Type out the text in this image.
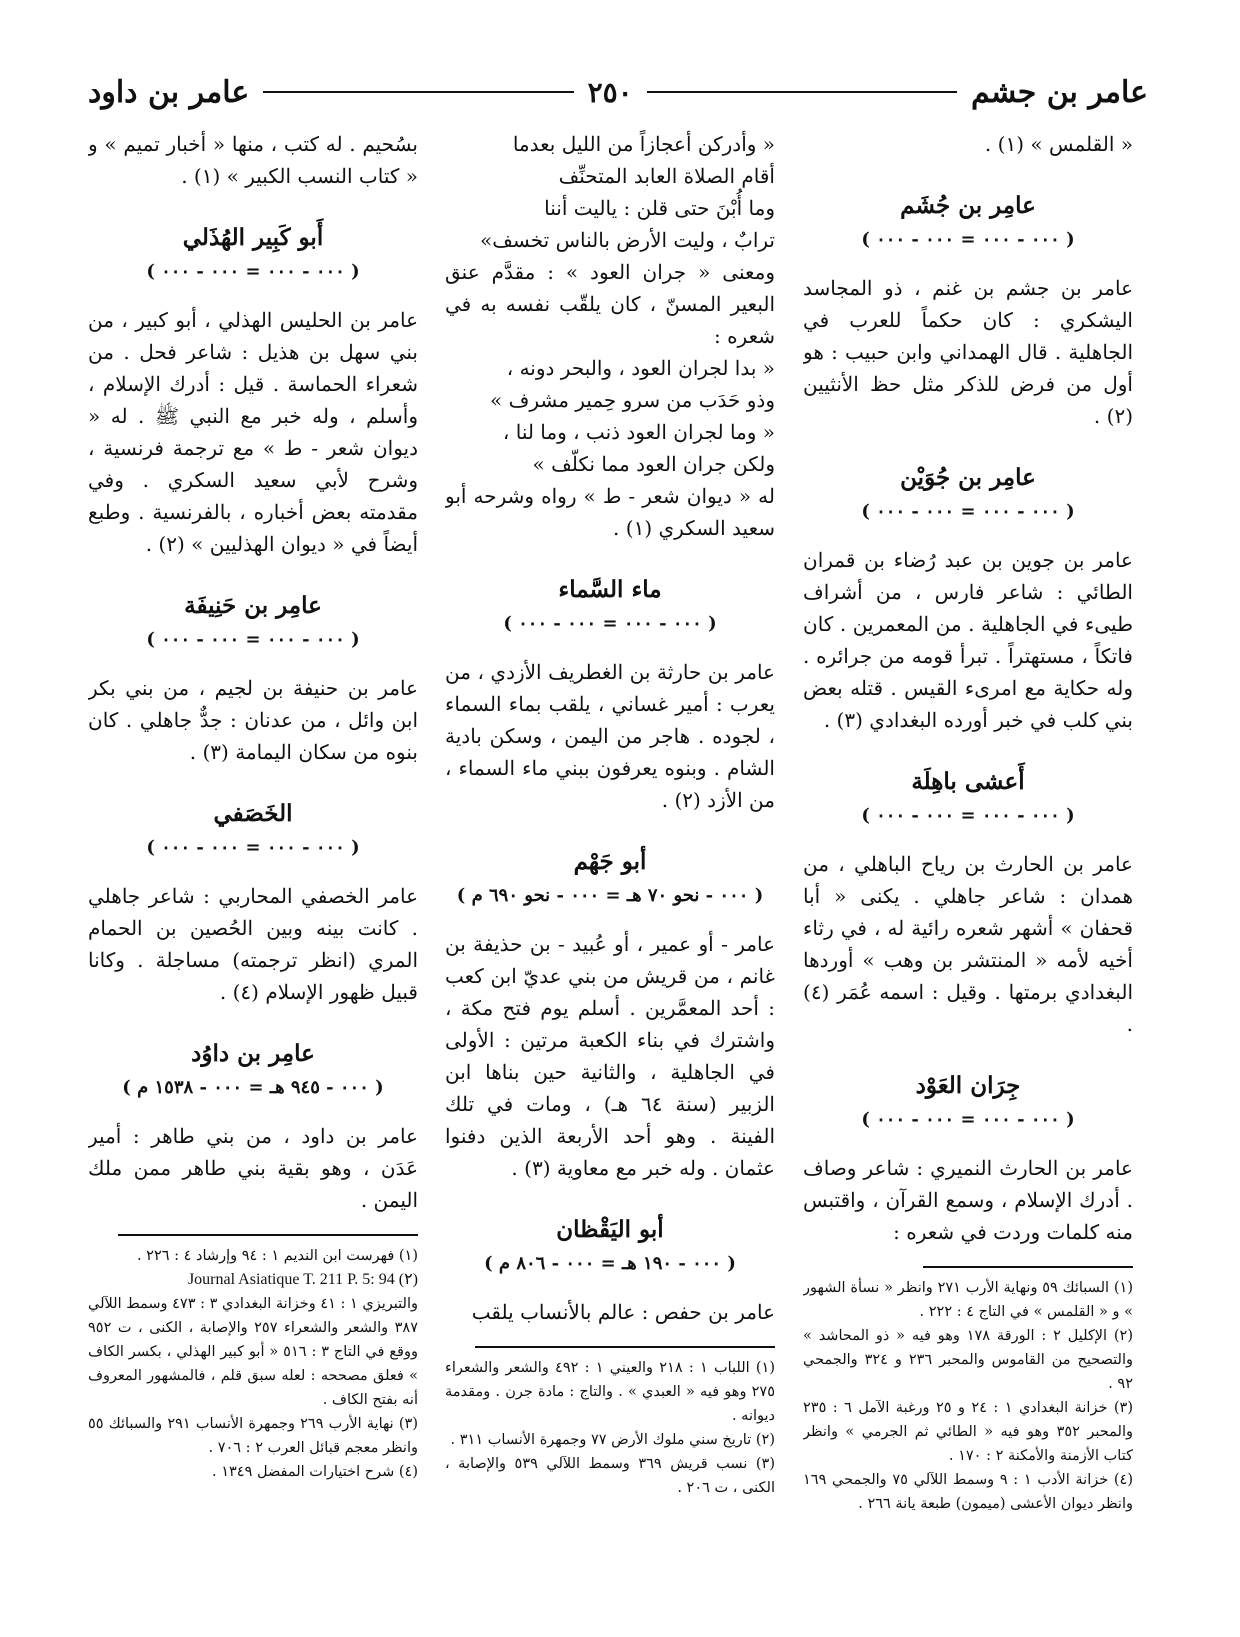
عامر بن جشم
٢٥٠
عامر بن داود

« القلمس » (١) .

عامِر بن جُشَم

( ٠٠٠ - ٠٠٠ = ٠٠٠ - ٠٠٠ )

عامر بن جشم بن غنم ، ذو المجاسد اليشكري : كان حكماً للعرب في الجاهلية . قال الهمداني وابن حبيب : هو أول من فرض للذكر مثل حظ الأنثيين (٢) .

عامِر بن جُوَيْن

( ٠٠٠ - ٠٠٠ = ٠٠٠ - ٠٠٠ )

عامر بن جوين بن عبد رُضاء بن قمران الطائي : شاعر فارس ، من أشراف طيىء في الجاهلية . من المعمرين . كان فاتكاً ، مستهتراً . تبرأ قومه من جرائره . وله حكاية مع امرىء القيس . قتله بعض بني كلب في خبر أورده البغدادي (٣) .

أَعشى باهِلَة

( ٠٠٠ - ٠٠٠ = ٠٠٠ - ٠٠٠ )

عامر بن الحارث بن رياح الباهلي ، من همدان : شاعر جاهلي . يكنى « أبا قحفان » أشهر شعره رائية له ، في رثاء أخيه لأمه « المنتشر بن وهب » أوردها البغدادي برمتها . وقيل : اسمه عُمَر (٤) .

جِرَان العَوْد

( ٠٠٠ - ٠٠٠ = ٠٠٠ - ٠٠٠ )

عامر بن الحارث النميري : شاعر وصاف . أدرك الإسلام ، وسمع القرآن ، واقتبس منه كلمات وردت في شعره :

(١) السبائك ٥٩ ونهاية الأرب ٢٧١ وانظر « نسأة الشهور » و « القلمس » في التاج ٤ : ٢٢٢ .

(٢) الإكليل ٢ : الورقة ١٧٨ وهو فيه « ذو المحاشد » والتصحيح من القاموس والمحبر ٢٣٦ و ٣٢٤ والجمحي ٩٢ .

(٣) خزانة البغدادي ١ : ٢٤ و ٢٥ ورغبة الآمل ٦ : ٢٣٥ والمحبر ٣٥٢ وهو فيه « الطائي ثم الجرمي » وانظر كتاب الأزمنة والأمكنة ٢ : ١٧٠ .

(٤) خزانة الأدب ١ : ٩ وسمط اللآلي ٧٥ والجمحي ١٦٩ وانظر ديوان الأعشى (ميمون) طبعة يانة ٢٦٦ .

« وأدركن أعجازاً من الليل بعدما

أقام الصلاة العابد المتحنِّف

وما أُبْنَ حتى قلن : ياليت أننا

ترابٌ ، وليت الأرض بالناس تخسف»

ومعنى « جران العود » : مقدَّم عنق البعير المسنّ ، كان يلقّب نفسه به في شعره :

« بدا لجران العود ، والبحر دونه ،

وذو حَدَب من سرو حِمير مشرف »

« وما لجران العود ذنب ، وما لنا ،

ولكن جران العود مما نكلّف »

له « ديوان شعر - ط » رواه وشرحه أبو سعيد السكري (١) .

ماء السَّماء

( ٠٠٠ - ٠٠٠ = ٠٠٠ - ٠٠٠ )

عامر بن حارثة بن الغطريف الأزدي ، من يعرب : أمير غساني ، يلقب بماء السماء ، لجوده . هاجر من اليمن ، وسكن بادية الشام . وبنوه يعرفون ببني ماء السماء ، من الأزد (٢) .

أبو جَهْم

( ٠٠٠ - نحو ٧٠ هـ = ٠٠٠ - نحو ٦٩٠ م )

عامر - أو عمير ، أو عُبيد - بن حذيفة بن غانم ، من قريش من بني عديّ ابن كعب : أحد المعمَّرين . أسلم يوم فتح مكة ، واشترك في بناء الكعبة مرتين : الأولى في الجاهلية ، والثانية حين بناها ابن الزبير (سنة ٦٤ هـ) ، ومات في تلك الفينة . وهو أحد الأربعة الذين دفنوا عثمان . وله خبر مع معاوية (٣) .

أبو اليَقْظان

( ٠٠٠ - ١٩٠ هـ = ٠٠٠ - ٨٠٦ م )

عامر بن حفص : عالم بالأنساب يلقب

(١) اللباب ١ : ٢١٨ والعيني ١ : ٤٩٢ والشعر والشعراء ٢٧٥ وهو فيه « العبدي » . والتاج : مادة جرن . ومقدمة ديوانه .

(٢) تاريخ سني ملوك الأرض ٧٧ وجمهرة الأنساب ٣١١ .

(٣) نسب قريش ٣٦٩ وسمط اللآلي ٥٣٩ والإصابة ، الكنى ، ت ٢٠٦ .

بسُحيم . له كتب ، منها « أخبار تميم » و « كتاب النسب الكبير » (١) .

أَبو كَبِير الهُذَلي

( ٠٠٠ - ٠٠٠ = ٠٠٠ - ٠٠٠ )

عامر بن الحليس الهذلي ، أبو كبير ، من بني سهل بن هذيل : شاعر فحل . من شعراء الحماسة . قيل : أدرك الإسلام ، وأسلم ، وله خبر مع النبي ﷺ . له « ديوان شعر - ط » مع ترجمة فرنسية ، وشرح لأبي سعيد السكري . وفي مقدمته بعض أخباره ، بالفرنسية . وطبع أيضاً في « ديوان الهذليين » (٢) .

عامِر بن حَنِيفَة

( ٠٠٠ - ٠٠٠ = ٠٠٠ - ٠٠٠ )

عامر بن حنيفة بن لجيم ، من بني بكر ابن وائل ، من عدنان : جدٌّ جاهلي . كان بنوه من سكان اليمامة (٣) .

الخَصَفي

( ٠٠٠ - ٠٠٠ = ٠٠٠ - ٠٠٠ )

عامر الخصفي المحاربي : شاعر جاهلي . كانت بينه وبين الحُصين بن الحمام المري (انظر ترجمته) مساجلة . وكانا قبيل ظهور الإسلام (٤) .

عامِر بن داوُد

( ٠٠٠ - ٩٤٥ هـ = ٠٠٠ - ١٥٣٨ م )

عامر بن داود ، من بني طاهر : أمير عَدَن ، وهو بقية بني طاهر ممن ملك اليمن .

(١) فهرست ابن النديم ١ : ٩٤ وإرشاد ٤ : ٢٢٦ .

Journal Asiatique T. 211 P. 5: 94 (٢)

والتبريزي ١ : ٤١ وخزانة البغدادي ٣ : ٤٧٣ وسمط اللآلي ٣٨٧ والشعر والشعراء ٢٥٧ والإصابة ، الكنى ، ت ٩٥٢ ووقع في التاج ٣ : ٥١٦ « أبو كبير الهذلي ، بكسر الكاف » فعلق مصححه : لعله سبق قلم ، فالمشهور المعروف أنه بفتح الكاف .

(٣) نهاية الأرب ٢٦٩ وجمهرة الأنساب ٢٩١ والسبائك ٥٥ وانظر معجم قبائل العرب ٢ : ٧٠٦ .

(٤) شرح اختيارات المفضل ١٣٤٩ .
